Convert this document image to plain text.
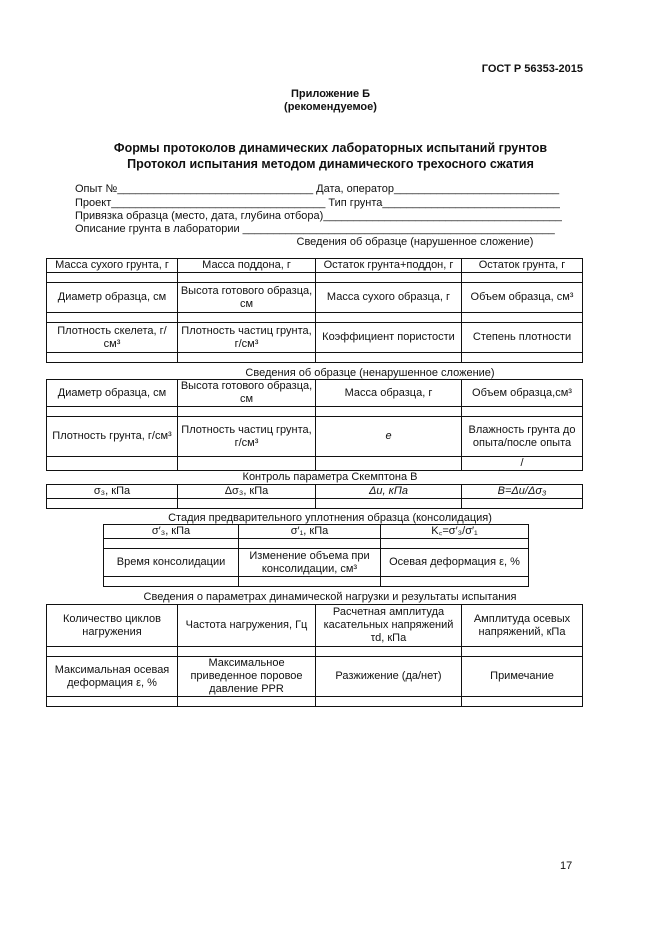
ГОСТ Р 56353-2015
Приложение Б
(рекомендуемое)
Формы протоколов динамических лабораторных испытаний грунтов
Протокол испытания методом динамического трехосного сжатия
Опыт №________________________________ Дата, оператор___________________________
Проект___________________________________ Тип грунта_____________________________
Привязка образца (место, дата, глубина отбора)_______________________________________
Описание грунта в лаборатории ___________________________________________________
Сведения об образце (нарушенное сложение)
Масса сухого грунта, г	Масса поддона, г	Остаток грунта+поддон, г	Остаток грунта, г

Диаметр образца, см	Высота готового образца, см	Масса сухого образца, г	Объем образца, см³

Плотность скелета, г/см³	Плотность частиц грунта, г/см³	Коэффициент пористости	Степень плотности

Сведения об образце (ненарушенное сложение)
Диаметр образца, см	Высота готового образца, см	Масса образца, г	Объем образца,см³

Плотность грунта, г/см³	Плотность частиц грунта, г/см³	e	Влажность грунта до опыта/после опыта
			/
Контроль параметра Скемптона B
σ₃, кПа	Δσ₃, кПа	Δu, кПа	B=Δu/Δσ₃

Стадия предварительного уплотнения образца (консолидация)
σ′₃, кПа	σ′₁, кПа	K꜀=σ′₃/σ′₁

Время консолидации	Изменение объема при консолидации, см³	Осевая деформация ε, %

Сведения о параметрах динамической нагрузки и результаты испытания
Количество циклов нагружения	Частота нагружения, Гц	Расчетная амплитуда касательных напряжений τd, кПа	Амплитуда осевых напряжений, кПа

Максимальная осевая деформация ε, %	Максимальное приведенное поровое давление PPR	Разжижение (да/нет)	Примечание

17
